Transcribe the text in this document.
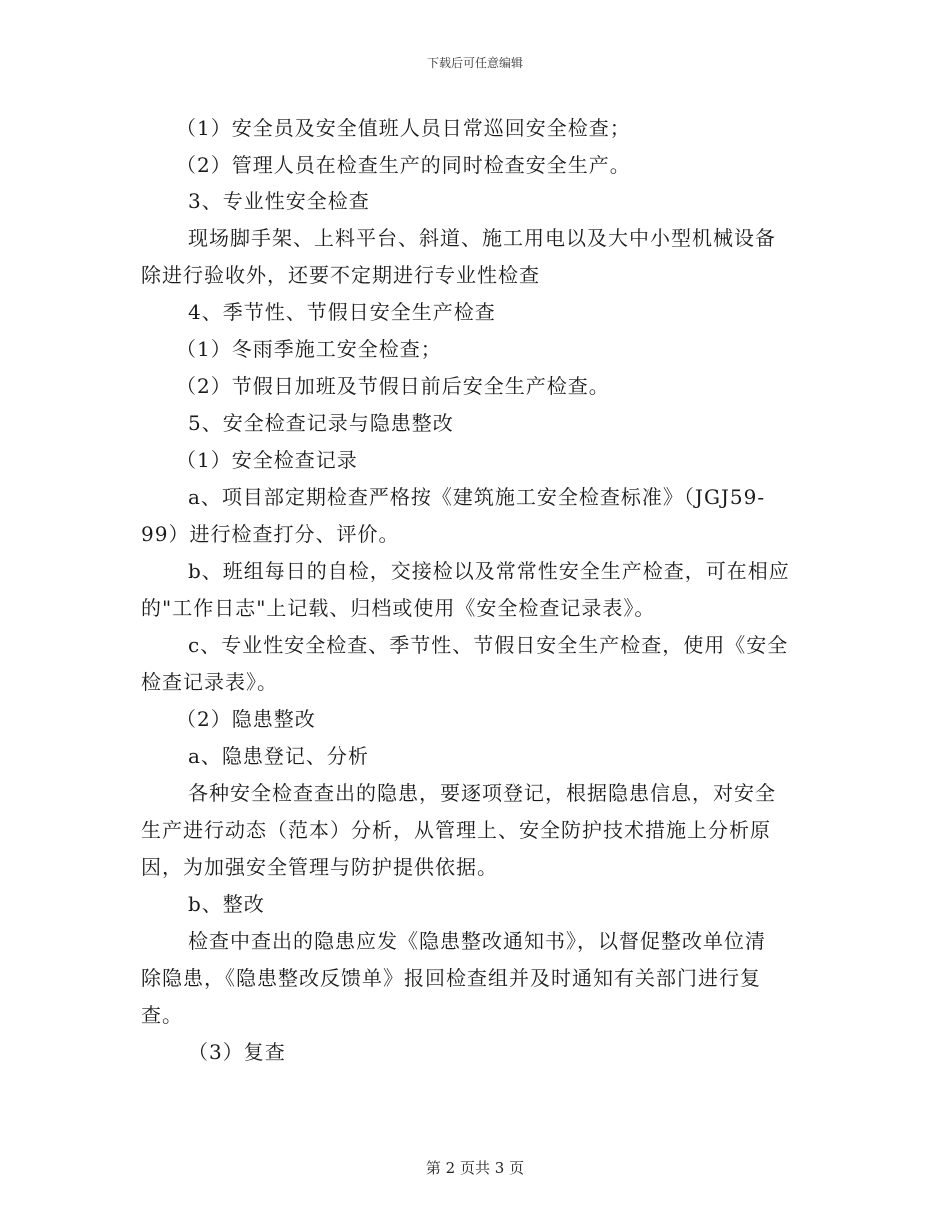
下载后可任意编辑
（1）安全员及安全值班人员日常巡回安全检查；
（2）管理人员在检查生产的同时检查安全生产。
3、专业性安全检查
现场脚手架、上料平台、斜道、施工用电以及大中小型机械设备
除进行验收外，还要不定期进行专业性检查
4、季节性、节假日安全生产检查
（1）冬雨季施工安全检查；
（2）节假日加班及节假日前后安全生产检查。
5、安全检查记录与隐患整改
（1）安全检查记录
a、项目部定期检查严格按《建筑施工安全检查标准》（JGJ59-
99）进行检查打分、评价。
b、班组每日的自检，交接检以及常常性安全生产检查，可在相应
的"工作日志"上记载、归档或使用《安全检查记录表》。
c、专业性安全检查、季节性、节假日安全生产检查，使用《安全
检查记录表》。
（2）隐患整改
a、隐患登记、分析
各种安全检查查出的隐患，要逐项登记，根据隐患信息，对安全
生产进行动态（范本）分析，从管理上、安全防护技术措施上分析原
因，为加强安全管理与防护提供依据。
b、整改
检查中查出的隐患应发《隐患整改通知书》，以督促整改单位清
除隐患，《隐患整改反馈单》报回检查组并及时通知有关部门进行复
查。
（3）复查
第 2 页共 3 页
